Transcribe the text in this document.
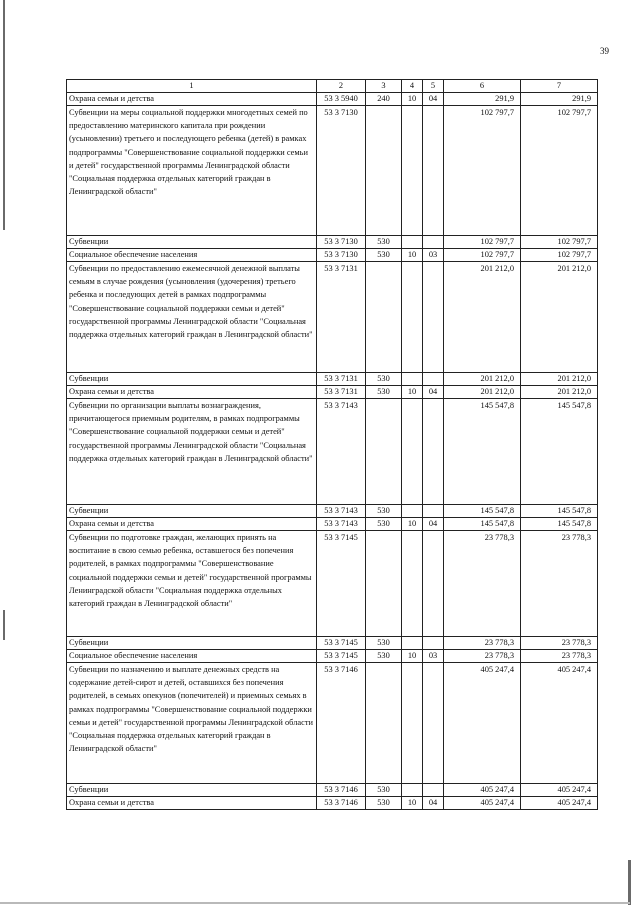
39
1	2	3	4	5	6	7
Охрана семьи и детства	53 3 5940	240	10	04	291,9	291,9
Субвенции на меры социальной поддержки многодетных семей по предоставлению материнского капитала при рождении (усыновлении) третьего и последующего ребенка (детей) в рамках подпрограммы "Совершенствование социальной поддержки семьи и детей" государственной программы Ленинградской области "Социальная поддержка отдельных категорий граждан в Ленинградской области"	53 3 7130				102 797,7	102 797,7
Субвенции	53 3 7130	530			102 797,7	102 797,7
Социальное обеспечение населения	53 3 7130	530	10	03	102 797,7	102 797,7
Субвенции по предоставлению ежемесячной денежной выплаты семьям в случае рождения (усыновления (удочерения) третьего ребенка и последующих детей в рамках подпрограммы "Совершенствование социальной поддержки семьи и детей" государственной программы Ленинградской области "Социальная поддержка отдельных категорий граждан в Ленинградской области"	53 3 7131				201 212,0	201 212,0
Субвенции	53 3 7131	530			201 212,0	201 212,0
Охрана семьи и детства	53 3 7131	530	10	04	201 212,0	201 212,0
Субвенции по организации выплаты вознаграждения, причитающегося приемным родителям, в рамках подпрограммы "Совершенствование социальной поддержки семьи и детей" государственной программы Ленинградской области "Социальная поддержка отдельных категорий граждан в Ленинградской области"	53 3 7143				145 547,8	145 547,8
Субвенции	53 3 7143	530			145 547,8	145 547,8
Охрана семьи и детства	53 3 7143	530	10	04	145 547,8	145 547,8
Субвенции по подготовке граждан, желающих принять на воспитание в свою семью ребенка, оставшегося без попечения родителей, в рамках подпрограммы "Совершенствование социальной поддержки семьи и детей" государственной программы Ленинградской области "Социальная поддержка отдельных категорий граждан в Ленинградской области"	53 3 7145				23 778,3	23 778,3
Субвенции	53 3 7145	530			23 778,3	23 778,3
Социальное обеспечение населения	53 3 7145	530	10	03	23 778,3	23 778,3
Субвенции по назначению и выплате денежных средств на содержание детей-сирот и детей, оставшихся без попечения родителей, в семьях опекунов (попечителей) и приемных семьях в рамках подпрограммы "Совершенствование социальной поддержки семьи и детей" государственной программы Ленинградской области "Социальная поддержка отдельных категорий граждан в Ленинградской области"	53 3 7146				405 247,4	405 247,4
Субвенции	53 3 7146	530			405 247,4	405 247,4
Охрана семьи и детства	53 3 7146	530	10	04	405 247,4	405 247,4
